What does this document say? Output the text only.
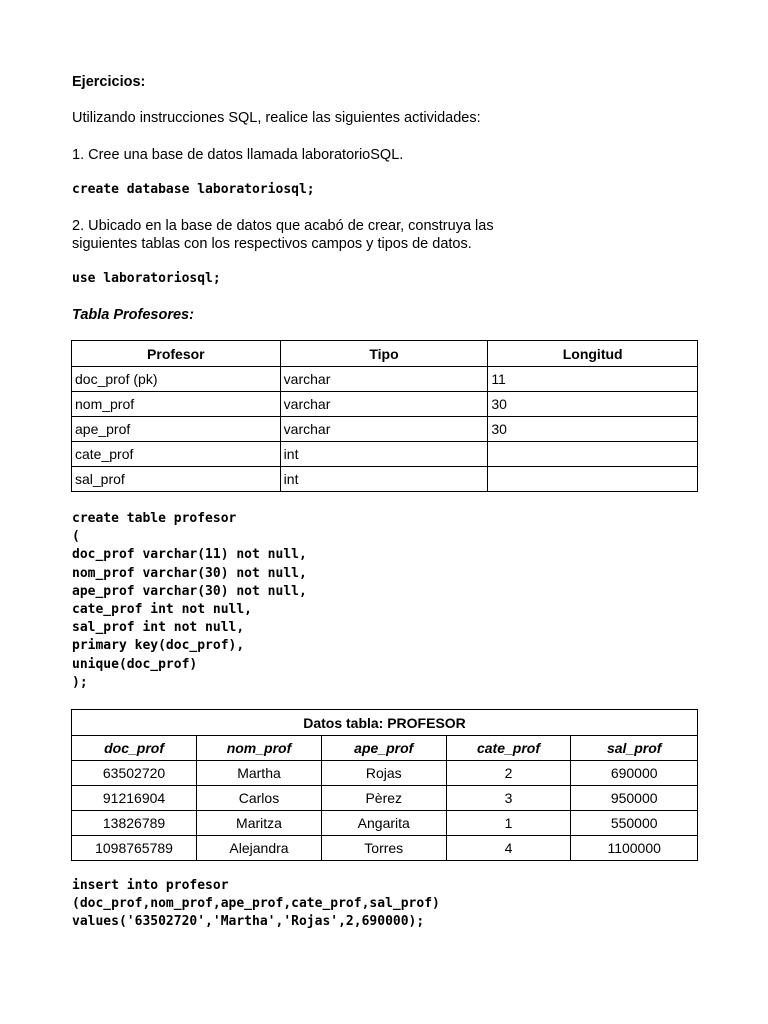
Ejercicios:
Utilizando instrucciones SQL, realice las siguientes actividades:
1. Cree una base de datos llamada laboratorioSQL.
create database laboratoriosql;
2. Ubicado en la base de datos que acabó de crear, construya las
siguientes tablas con los respectivos campos y tipos de datos.
use laboratoriosql;
Tabla Profesores:
Profesor	Tipo	Longitud
doc_prof (pk)	varchar	11
nom_prof	varchar	30
ape_prof	varchar	30
cate_prof	int	
sal_prof	int	
create table profesor
(
doc_prof varchar(11) not null,
nom_prof varchar(30) not null,
ape_prof varchar(30) not null,
cate_prof int not null,
sal_prof int not null,
primary key(doc_prof),
unique(doc_prof)
);
Datos tabla: PROFESOR				
doc_prof	nom_prof	ape_prof	cate_prof	sal_prof
63502720	Martha	Rojas	2	690000
91216904	Carlos	Pèrez	3	950000
13826789	Maritza	Angarita	1	550000
1098765789	Alejandra	Torres	4	1100000
insert into profesor
(doc_prof,nom_prof,ape_prof,cate_prof,sal_prof)
values('63502720','Martha','Rojas',2,690000);
